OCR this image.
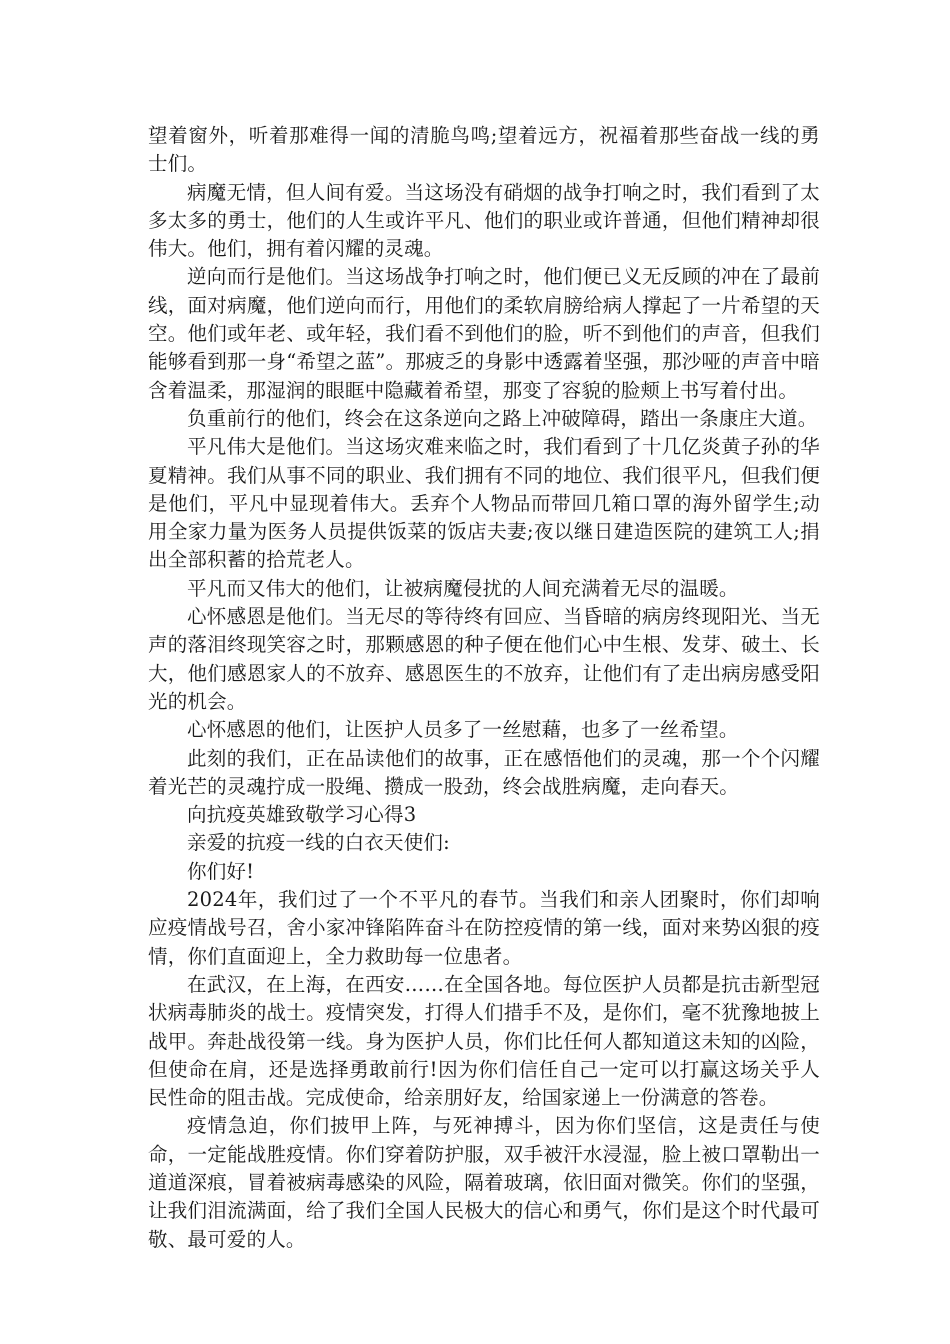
望着窗外，听着那难得一闻的清脆鸟鸣;望着远方，祝福着那些奋战一线的勇士们。

病魔无情，但人间有爱。当这场没有硝烟的战争打响之时，我们看到了太多太多的勇士，他们的人生或许平凡、他们的职业或许普通，但他们精神却很伟大。他们，拥有着闪耀的灵魂。

逆向而行是他们。当这场战争打响之时，他们便已义无反顾的冲在了最前线，面对病魔，他们逆向而行，用他们的柔软肩膀给病人撑起了一片希望的天空。他们或年老、或年轻，我们看不到他们的脸，听不到他们的声音，但我们能够看到那一身“希望之蓝”。那疲乏的身影中透露着坚强，那沙哑的声音中暗含着温柔，那湿润的眼眶中隐藏着希望，那变了容貌的脸颊上书写着付出。

负重前行的他们，终会在这条逆向之路上冲破障碍，踏出一条康庄大道。

平凡伟大是他们。当这场灾难来临之时，我们看到了十几亿炎黄子孙的华夏精神。我们从事不同的职业、我们拥有不同的地位、我们很平凡，但我们便是他们，平凡中显现着伟大。丢弃个人物品而带回几箱口罩的海外留学生;动用全家力量为医务人员提供饭菜的饭店夫妻;夜以继日建造医院的建筑工人;捐出全部积蓄的拾荒老人。

平凡而又伟大的他们，让被病魔侵扰的人间充满着无尽的温暖。

心怀感恩是他们。当无尽的等待终有回应、当昏暗的病房终现阳光、当无声的落泪终现笑容之时，那颗感恩的种子便在他们心中生根、发芽、破土、长大，他们感恩家人的不放弃、感恩医生的不放弃，让他们有了走出病房感受阳光的机会。

心怀感恩的他们，让医护人员多了一丝慰藉，也多了一丝希望。

此刻的我们，正在品读他们的故事，正在感悟他们的灵魂，那一个个闪耀着光芒的灵魂拧成一股绳、攒成一股劲，终会战胜病魔，走向春天。

向抗疫英雄致敬学习心得3

亲爱的抗疫一线的白衣天使们:

你们好!

2024年，我们过了一个不平凡的春节。当我们和亲人团聚时，你们却响应疫情战号召，舍小家冲锋陷阵奋斗在防控疫情的第一线，面对来势凶狠的疫情，你们直面迎上，全力救助每一位患者。

在武汉，在上海，在西安……在全国各地。每位医护人员都是抗击新型冠状病毒肺炎的战士。疫情突发，打得人们措手不及，是你们，毫不犹豫地披上战甲。奔赴战役第一线。身为医护人员，你们比任何人都知道这未知的凶险，但使命在肩，还是选择勇敢前行!因为你们信任自己一定可以打赢这场关乎人民性命的阻击战。完成使命，给亲朋好友，给国家递上一份满意的答卷。

疫情急迫，你们披甲上阵，与死神搏斗，因为你们坚信，这是责任与使命，一定能战胜疫情。你们穿着防护服，双手被汗水浸湿，脸上被口罩勒出一道道深痕，冒着被病毒感染的风险，隔着玻璃，依旧面对微笑。你们的坚强，让我们泪流满面，给了我们全国人民极大的信心和勇气，你们是这个时代最可敬、最可爱的人。
